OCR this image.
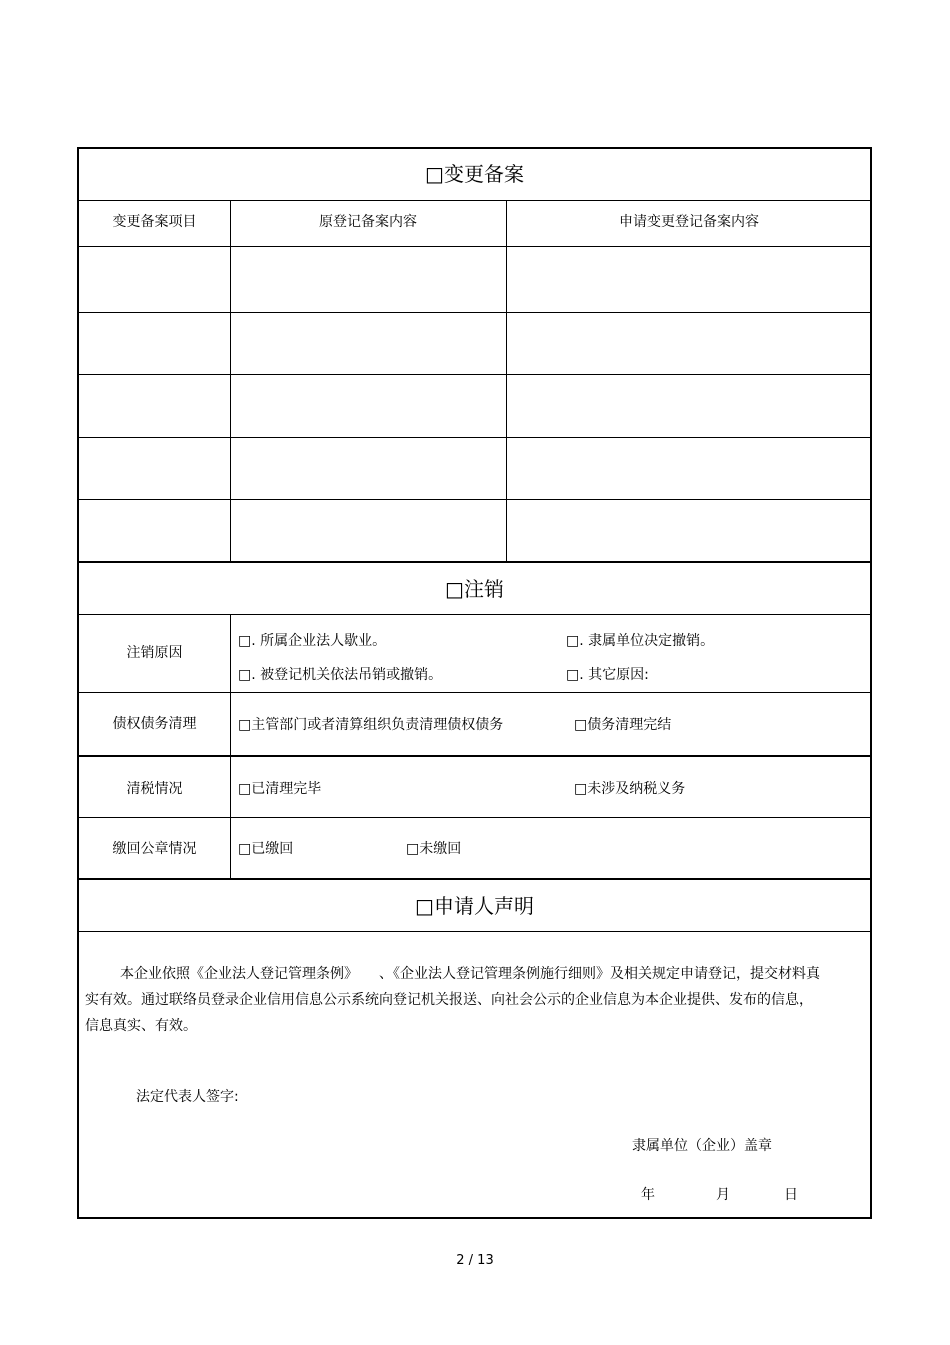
□变更备案
变更备案项目	原登记备案内容	申请变更登记备案内容
□注销
注销原因
□. 所属企业法人歇业。	□. 隶属单位决定撤销。
□. 被登记机关依法吊销或撤销。	□. 其它原因:
债权债务清理	□主管部门或者清算组织负责清理债权债务	□债务清理完结
清税情况	□已清理完毕	□未涉及纳税义务
缴回公章情况	□已缴回	□未缴回
□申请人声明
本企业依照《企业法人登记管理条例》　　、《企业法人登记管理条例施行细则》及相关规定申请登记，提交材料真实有效。通过联络员登录企业信用信息公示系统向登记机关报送、向社会公示的企业信息为本企业提供、发布的信息，信息真实、有效。
法定代表人签字:
隶属单位（企业）盖章
年	月	日
2 / 13
